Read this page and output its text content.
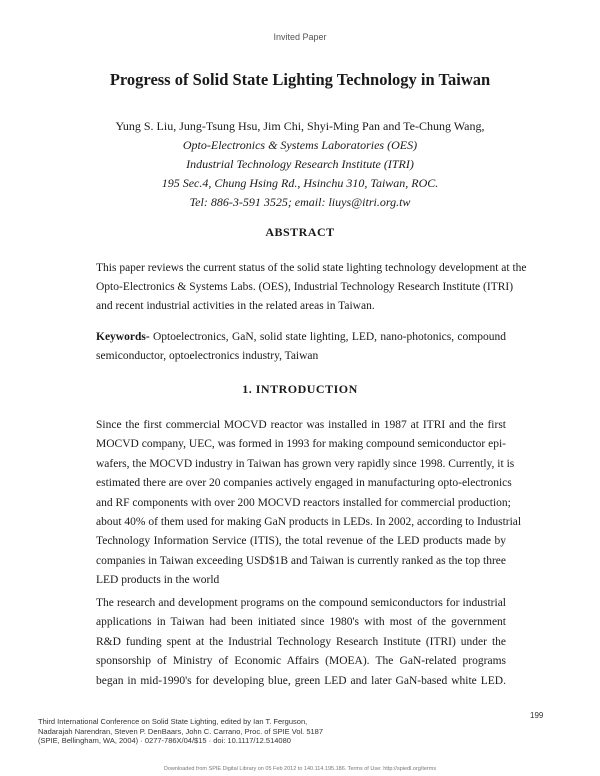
Invited Paper
Progress of Solid State Lighting Technology in Taiwan
Yung S. Liu, Jung-Tsung Hsu, Jim Chi, Shyi-Ming Pan and Te-Chung Wang,
Opto-Electronics & Systems Laboratories (OES)
Industrial Technology Research Institute (ITRI)
195 Sec.4, Chung Hsing Rd., Hsinchu 310, Taiwan, ROC.
Tel: 886-3-591 3525; email: liuys@itri.org.tw
ABSTRACT
This paper reviews the current status of the solid state lighting technology development at the
Opto-Electronics & Systems Labs. (OES), Industrial Technology Research Institute (ITRI)
and recent industrial activities in the related areas in Taiwan.
Keywords- Optoelectronics, GaN, solid state lighting, LED, nano-photonics, compound
semiconductor, optoelectronics industry, Taiwan
1. INTRODUCTION
Since the first commercial MOCVD reactor was installed in 1987 at ITRI and the first
MOCVD company, UEC, was formed in 1993 for making compound semiconductor epi-
wafers, the MOCVD industry in Taiwan has grown very rapidly since 1998. Currently, it is
estimated there are over 20 companies actively engaged in manufacturing opto-electronics
and RF components with over 200 MOCVD reactors installed for commercial production;
about 40% of them used for making GaN products in LEDs. In 2002, according to Industrial
Technology Information Service (ITIS), the total revenue of the LED products made by
companies in Taiwan exceeding USD$1B and Taiwan is currently ranked as the top three
LED products in the world
The research and development programs on the compound semiconductors for industrial
applications in Taiwan had been initiated since 1980's with most of the government
R&D funding spent at the Industrial Technology Research Institute (ITRI) under the
sponsorship of Ministry of Economic Affairs (MOEA). The GaN-related programs
began in mid-1990's for developing blue, green LED and later GaN-based white LED.
Third International Conference on Solid State Lighting, edited by Ian T. Ferguson,
Nadarajah Narendran, Steven P. DenBaars, John C. Carrano, Proc. of SPIE Vol. 5187
(SPIE, Bellingham, WA, 2004) · 0277-786X/04/$15 · doi: 10.1117/12.514080
199
Downloaded from SPIE Digital Library on 05 Feb 2012 to 140.114.195.186. Terms of Use: http://spiedl.org/terms
